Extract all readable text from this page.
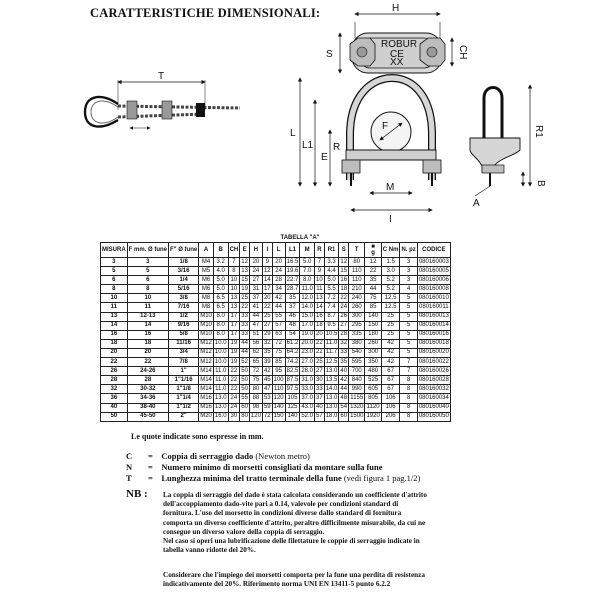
CARATTERISTICHE DIMENSIONALI:	H
ROBUR
CE
XX
S	CH
T
F
L
L1
E
R
M
I
R1
A
B
TABELLA "A"
MISURA	F mm. Ø fune	F" Ø fune	A	B	CH	E	H	I	L	L1	M	R	R1	S	T	■
g	C Nm	N. pz	CODICE
3	3	1/8	M4	3.2	7	12	20	9	20	16.5	5.0	7	3.3	12	80	12	1.5	3	080160003
5	5	3/16	M5	4.0	8	13	24	12	24	19.6	7.0	9	4.4	15	110	22	3.0	3	080160005
6	6	1/4	M6	5.0	10	15	27	14	28	22.7	8.0	10	5.0	16	110	35	5.2	3	080160006
8	8	5/16	M6	5.0	10	19	31	17	34	28.7	11.0	11	5.5	18	210	44	5.2	4	080160008
10	10	3/8	M8	6.5	13	25	37	20	42	35	12.0	13	7.2	22	240	75	12.5	5	080160010
11	11	7/16	M8	6.5	13	22	41	22	44	37	14.0	14	7.4	24	260	85	12.5	5	080160011
13	12-13	1/2	M10	8.0	17	33	44	25	55	46	15.0	16	8.7	26	300	140	25	5	080160013
14	14	9/16	M10	8.0	17	33	47	27	57	48	17.0	18	9.5	27	295	150	25	5	080160014
16	16	5/8	M10	8.0	17	33	51	29	63	54	19.0	20	10.5	28	335	180	25	5	080160016
18	18	11/16	M12	10.0	19	44	56	32	72	61.2	20.0	22	11.0	32	380	260	42	5	080160018
20	20	3/4	M12	10.0	19	44	62	35	75	64.2	23.0	22	11.7	33	540	300	42	5	080160020
22	22	7/8	M12	10.0	19	52	65	39	85	74.2	27.0	25	12.5	35	595	350	42	7	080160022
26	24-26	1"	M14	11.0	22	50	72	42	95	82.5	28.0	27	13.0	40	700	480	67	7	080160026
28	28	1"1/16	M14	11.0	22	50	75	45	100	87.5	31.0	30	13.5	42	840	525	67	8	080160028
32	30-32	1"1/8	M14	11.0	22	50	80	47	110	97.5	33.0	33	14.0	44	990	605	67	8	080160032
36	34-36	1"1/4	M16	13.0	24	55	88	53	120	105	37.0	37	13.0	48	1155	805	106	8	080160034
40	38-40	1"1/2	M16	13.0	24	60	98	59	140	125	43.0	40	13.0	54	1320	1120	106	8	080160040
50	45-50	2"	M20	16.0	30	80	120	72	150	140	52.0	57	18.0	60	1500	1920	206	8	080160050
Le quote indicate sono espresse in mm.
C = Coppia di serraggio dado (Newton metro)
N = Numero minimo di morsetti consigliati da montare sulla fune
T = Lunghezza minima del tratto terminale della fune (vedi figura 1 pag.1/2)
NB : La coppia di serraggio del dado è stata calcolata considerando un coefficiente d'attrito
dell'accoppiamento dado-vite pari a 0.14, valevole per condizioni standard di
fornitura. L'uso del morsetto in condizioni diverse dallo standard di fornitura
comporta un diverso coefficiente d'attrito, peraltro difficilmente misurabile, da cui ne
consegue un diverso valore della coppia di serraggio.
Nel caso si operi una lubrificazione delle filettature le coppie di serraggio indicate in
tabella vanno ridotte del 20%.
Considerare che l'impiego dei morsetti comporta per la fune una perdita di resistenza
indicativamente del 20%. Riferimento norma UNI EN 13411-5 punto 6.2.2
